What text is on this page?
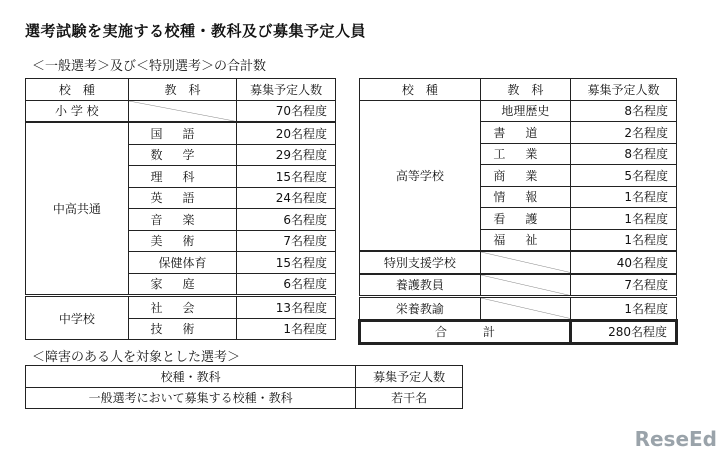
選考試験を実施する校種・教科及び募集予定人員
＜一般選考＞及び＜特別選考＞の合計数
校　種	教　科	募集予定人数
小 学 校		70名程度
中高共通	国語	20名程度
	数学	29名程度
	理科	15名程度
	英語	24名程度
	音楽	6名程度
	美術	7名程度
	保健体育	15名程度
	家庭	6名程度
中学校	社会	13名程度
	技術	1名程度
校　種	教　科	募集予定人数
高等学校	地理歴史	8名程度
	書道	2名程度
	工業	8名程度
	商業	5名程度
	情報	1名程度
	看護	1名程度
	福祉	1名程度
特別支援学校		40名程度
養護教員		7名程度
栄養教諭		1名程度
合　　　計		280名程度
＜障害のある人を対象とした選考＞
校種・教科	募集予定人数
一般選考において募集する校種・教科	若干名
ReseEd
